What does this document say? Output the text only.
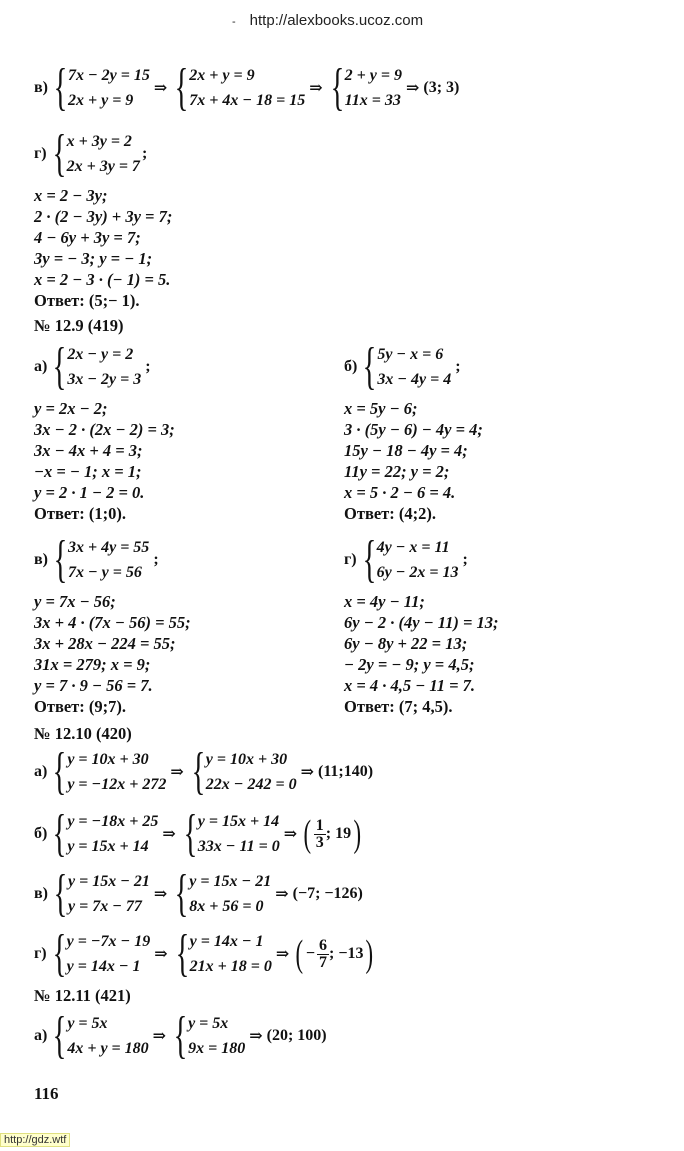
- http://alexbooks.ucoz.com
в) { 7x − 2y = 15
2x + y = 9
⇒ { 2x + y = 9
7x + 4x − 18 = 15
⇒ { 2 + y = 9
11x = 33
⇒ (3; 3)
г) { x + 3y = 2
2x + 3y = 7
;
x = 2 − 3y;
2 · (2 − 3y) + 3y = 7;
4 − 6y + 3y = 7;
3y = − 3; y = − 1;
x = 2 − 3 · (− 1) = 5.
Ответ: (5;− 1).
№ 12.9 (419)
а) { 2x − y = 2
3x − 2y = 3
;	б) { 5y − x = 6
3x − 4y = 4
;
y = 2x − 2;
3x − 2 · (2x − 2) = 3;
3x − 4x + 4 = 3;
−x = − 1; x = 1;
y = 2 · 1 − 2 = 0.
Ответ: (1;0).
x = 5y − 6;
3 · (5y − 6) − 4y = 4;
15y − 18 − 4y = 4;
11y = 22; y = 2;
x = 5 · 2 − 6 = 4.
Ответ: (4;2).
в) { 3x + 4y = 55
7x − y = 56
;	г) { 4y − x = 11
6y − 2x = 13
;
y = 7x − 56;
3x + 4 · (7x − 56) = 55;
3x + 28x − 224 = 55;
31x = 279; x = 9;
y = 7 · 9 − 56 = 7.
Ответ: (9;7).
x = 4y − 11;
6y − 2 · (4y − 11) = 13;
6y − 8y + 22 = 13;
− 2y = − 9; y = 4,5;
x = 4 · 4,5 − 11 = 7.
Ответ: (7; 4,5).
№ 12.10 (420)
а) { y = 10x + 30
y = −12x + 272
⇒ { y = 10x + 30
22x − 242 = 0
⇒ (11;140)
б) { y = −18x + 25
y = 15x + 14
⇒ { y = 15x + 14
33x − 11 = 0
⇒ ( $\frac{1}{3}$ ; 19 )
в) { y = 15x − 21
y = 7x − 77
⇒ { y = 15x − 21
8x + 56 = 0
⇒ (−7; −126)
г) { y = −7x − 19
y = 14x − 1
⇒ { y = 14x − 1
21x + 18 = 0
⇒ ( − $\frac{6}{7}$ ; −13 )
№ 12.11 (421)
а) { y = 5x
4x + y = 180
⇒ { y = 5x
9x = 180
⇒ (20; 100)
116
http://gdz.wtf
